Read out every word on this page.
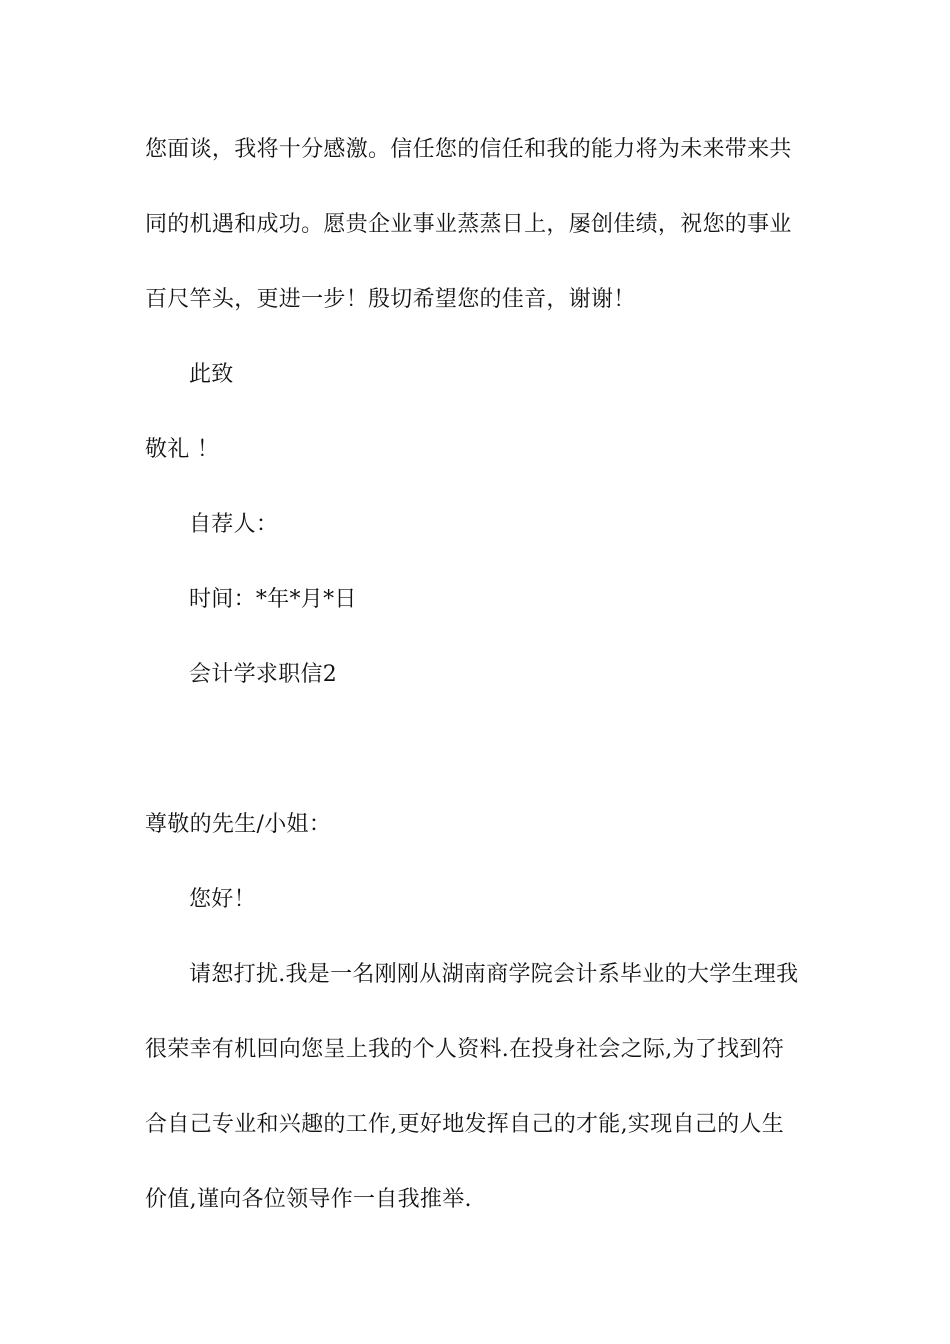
您面谈，我将十分感激。信任您的信任和我的能力将为未来带来共
同的机遇和成功。愿贵企业事业蒸蒸日上，屡创佳绩，祝您的事业
百尺竿头，更进一步！殷切希望您的佳音，谢谢！
此致
敬礼 ！
自荐人：
时间：*年*月*日
会计学求职信2
尊敬的先生/小姐：
您好！
请恕打扰.我是一名刚刚从湖南商学院会计系毕业的大学生理我
很荣幸有机回向您呈上我的个人资料.在投身社会之际,为了找到符
合自己专业和兴趣的工作,更好地发挥自己的才能,实现自己的人生
价值,谨向各位领导作一自我推举.
